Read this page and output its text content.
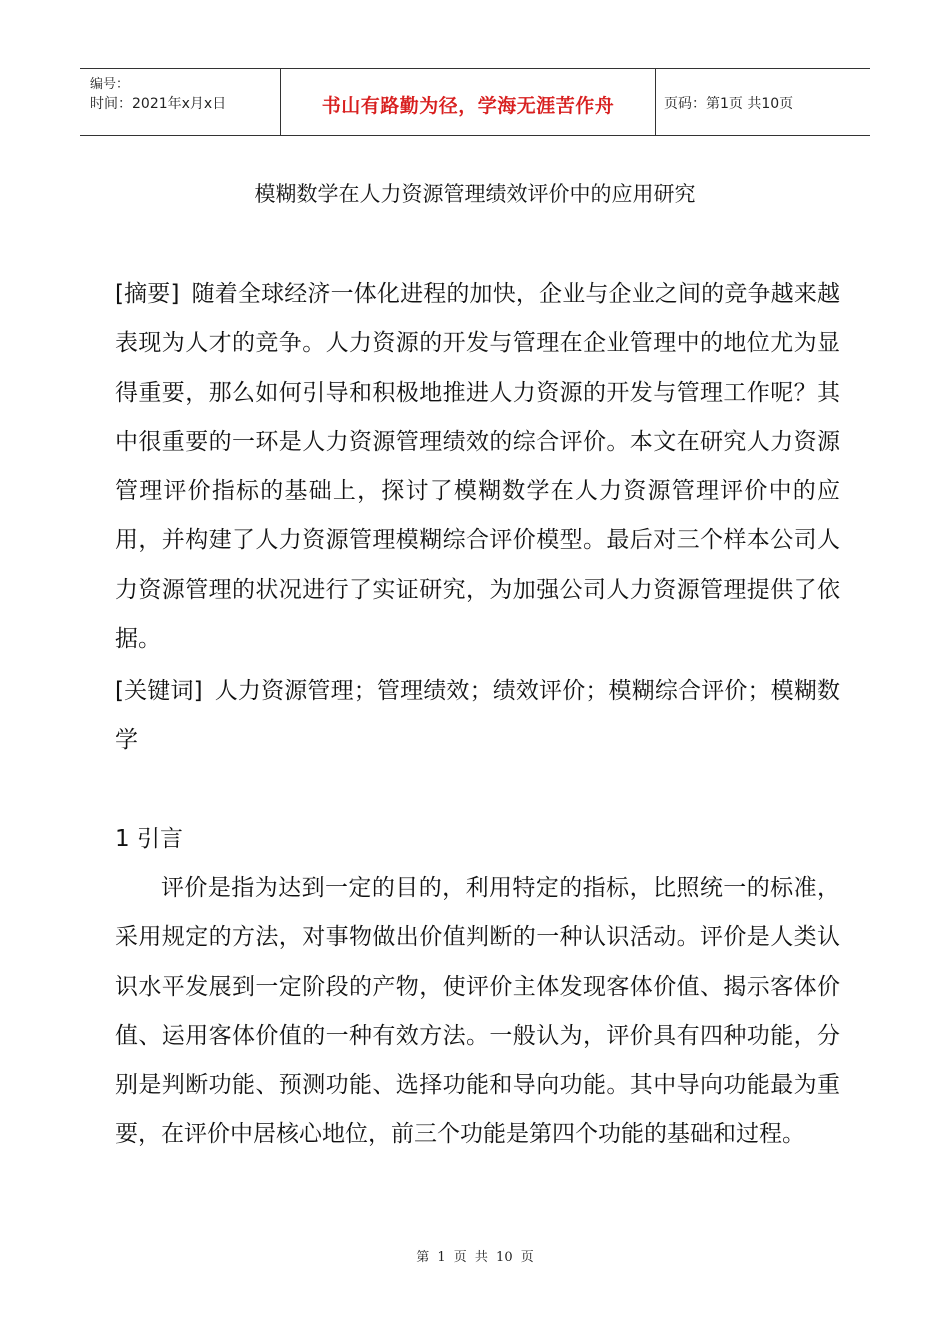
编号：
时间：2021年x月x日	书山有路勤为径，学海无涯苦作舟	页码：第1页 共10页
模糊数学在人力资源管理绩效评价中的应用研究
[摘要] 随着全球经济一体化进程的加快，企业与企业之间的竞争越来越表现为人才的竞争。人力资源的开发与管理在企业管理中的地位尤为显得重要，那么如何引导和积极地推进人力资源的开发与管理工作呢？其中很重要的一环是人力资源管理绩效的综合评价。本文在研究人力资源管理评价指标的基础上，探讨了模糊数学在人力资源管理评价中的应用，并构建了人力资源管理模糊综合评价模型。最后对三个样本公司人力资源管理的状况进行了实证研究，为加强公司人力资源管理提供了依据。
[关键词] 人力资源管理；管理绩效；绩效评价；模糊综合评价；模糊数学
1 引言
评价是指为达到一定的目的，利用特定的指标，比照统一的标准，采用规定的方法，对事物做出价值判断的一种认识活动。评价是人类认识水平发展到一定阶段的产物，使评价主体发现客体价值、揭示客体价值、运用客体价值的一种有效方法。一般认为，评价具有四种功能，分别是判断功能、预测功能、选择功能和导向功能。其中导向功能最为重要，在评价中居核心地位，前三个功能是第四个功能的基础和过程。
第 1 页 共 10 页
